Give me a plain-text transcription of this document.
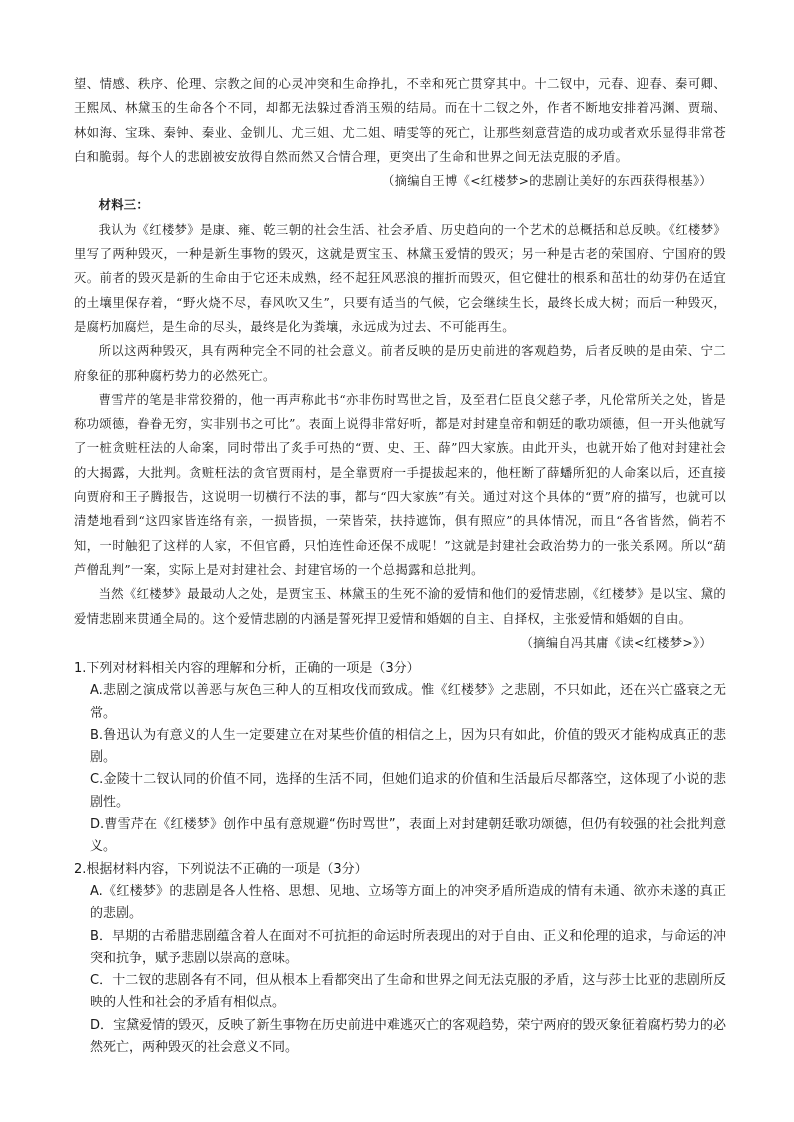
望、情感、秩序、伦理、宗教之间的心灵冲突和生命挣扎，不幸和死亡贯穿其中。十二钗中，元春、迎春、秦可卿、王熙凤、林黛玉的生命各个不同，却都无法躲过香消玉殒的结局。而在十二钗之外，作者不断地安排着冯渊、贾瑞、林如海、宝珠、秦钟、秦业、金钏儿、尤三姐、尤二姐、晴雯等的死亡，让那些刻意营造的成功或者欢乐显得非常苍白和脆弱。每个人的悲剧被安放得自然而然又合情合理，更突出了生命和世界之间无法克服的矛盾。

（摘编自王博《<红楼梦>的悲剧让美好的东西获得根基》）

材料三：

我认为《红楼梦》是康、雍、乾三朝的社会生活、社会矛盾、历史趋向的一个艺术的总概括和总反映。《红楼梦》里写了两种毁灭，一种是新生事物的毁灭，这就是贾宝玉、林黛玉爱情的毁灭；另一种是古老的荣国府、宁国府的毁灭。前者的毁灭是新的生命由于它还未成熟，经不起狂风恶浪的摧折而毁灭，但它健壮的根系和茁壮的幼芽仍在适宜的土壤里保存着，“野火烧不尽，春风吹又生”，只要有适当的气候，它会继续生长，最终长成大树；而后一种毁灭，是腐朽加腐烂，是生命的尽头，最终是化为粪壤，永远成为过去、不可能再生。

所以这两种毁灭，具有两种完全不同的社会意义。前者反映的是历史前进的客观趋势，后者反映的是由荣、宁二府象征的那种腐朽势力的必然死亡。

曹雪芹的笔是非常狡猾的，他一再声称此书“亦非伤时骂世之旨，及至君仁臣良父慈子孝，凡伦常所关之处，皆是称功颂德，眷眷无穷，实非别书之可比”。表面上说得非常好听，都是对封建皇帝和朝廷的歌功颂德，但一开头他就写了一桩贪赃枉法的人命案，同时带出了炙手可热的“贾、史、王、薛”四大家族。由此开头，也就开始了他对封建社会的大揭露，大批判。贪赃枉法的贪官贾雨村，是全靠贾府一手提拔起来的，他枉断了薛蟠所犯的人命案以后，还直接向贾府和王子腾报告，这说明一切横行不法的事，都与“四大家族”有关。通过对这个具体的“贾”府的描写，也就可以清楚地看到“这四家皆连络有亲，一损皆损，一荣皆荣，扶持遮饰，俱有照应”的具体情况，而且“各省皆然，倘若不知，一时触犯了这样的人家，不但官爵，只怕连性命还保不成呢！”这就是封建社会政治势力的一张关系网。所以“葫芦僧乱判”一案，实际上是对封建社会、封建官场的一个总揭露和总批判。

当然《红楼梦》最最动人之处，是贾宝玉、林黛玉的生死不渝的爱情和他们的爱情悲剧，《红楼梦》是以宝、黛的爱情悲剧来贯通全局的。这个爱情悲剧的内涵是誓死捍卫爱情和婚姻的自主、自择权，主张爱情和婚姻的自由。

（摘编自冯其庸《读<红楼梦>》）

1.下列对材料相关内容的理解和分析，正确的一项是（3分）

A.悲剧之演成常以善恶与灰色三种人的互相攻伐而致成。惟《红楼梦》之悲剧，不只如此，还在兴亡盛衰之无常。

B.鲁迅认为有意义的人生一定要建立在对某些价值的相信之上，因为只有如此，价值的毁灭才能构成真正的悲剧。

C.金陵十二钗认同的价值不同，选择的生活不同，但她们追求的价值和生活最后尽都落空，这体现了小说的悲剧性。

D.曹雪芹在《红楼梦》创作中虽有意规避“伤时骂世”，表面上对封建朝廷歌功颂德，但仍有较强的社会批判意义。

2.根据材料内容，下列说法不正确的一项是（3分）

A.《红楼梦》的悲剧是各人性格、思想、见地、立场等方面上的冲突矛盾所造成的情有未通、欲亦未遂的真正的悲剧。

B．早期的古希腊悲剧蕴含着人在面对不可抗拒的命运时所表现出的对于自由、正义和伦理的追求，与命运的冲突和抗争，赋予悲剧以崇高的意味。

C．十二钗的悲剧各有不同，但从根本上看都突出了生命和世界之间无法克服的矛盾，这与莎士比亚的悲剧所反映的人性和社会的矛盾有相似点。

D．宝黛爱情的毁灭，反映了新生事物在历史前进中难逃灭亡的客观趋势，荣宁两府的毁灭象征着腐朽势力的必然死亡，两种毁灭的社会意义不同。
